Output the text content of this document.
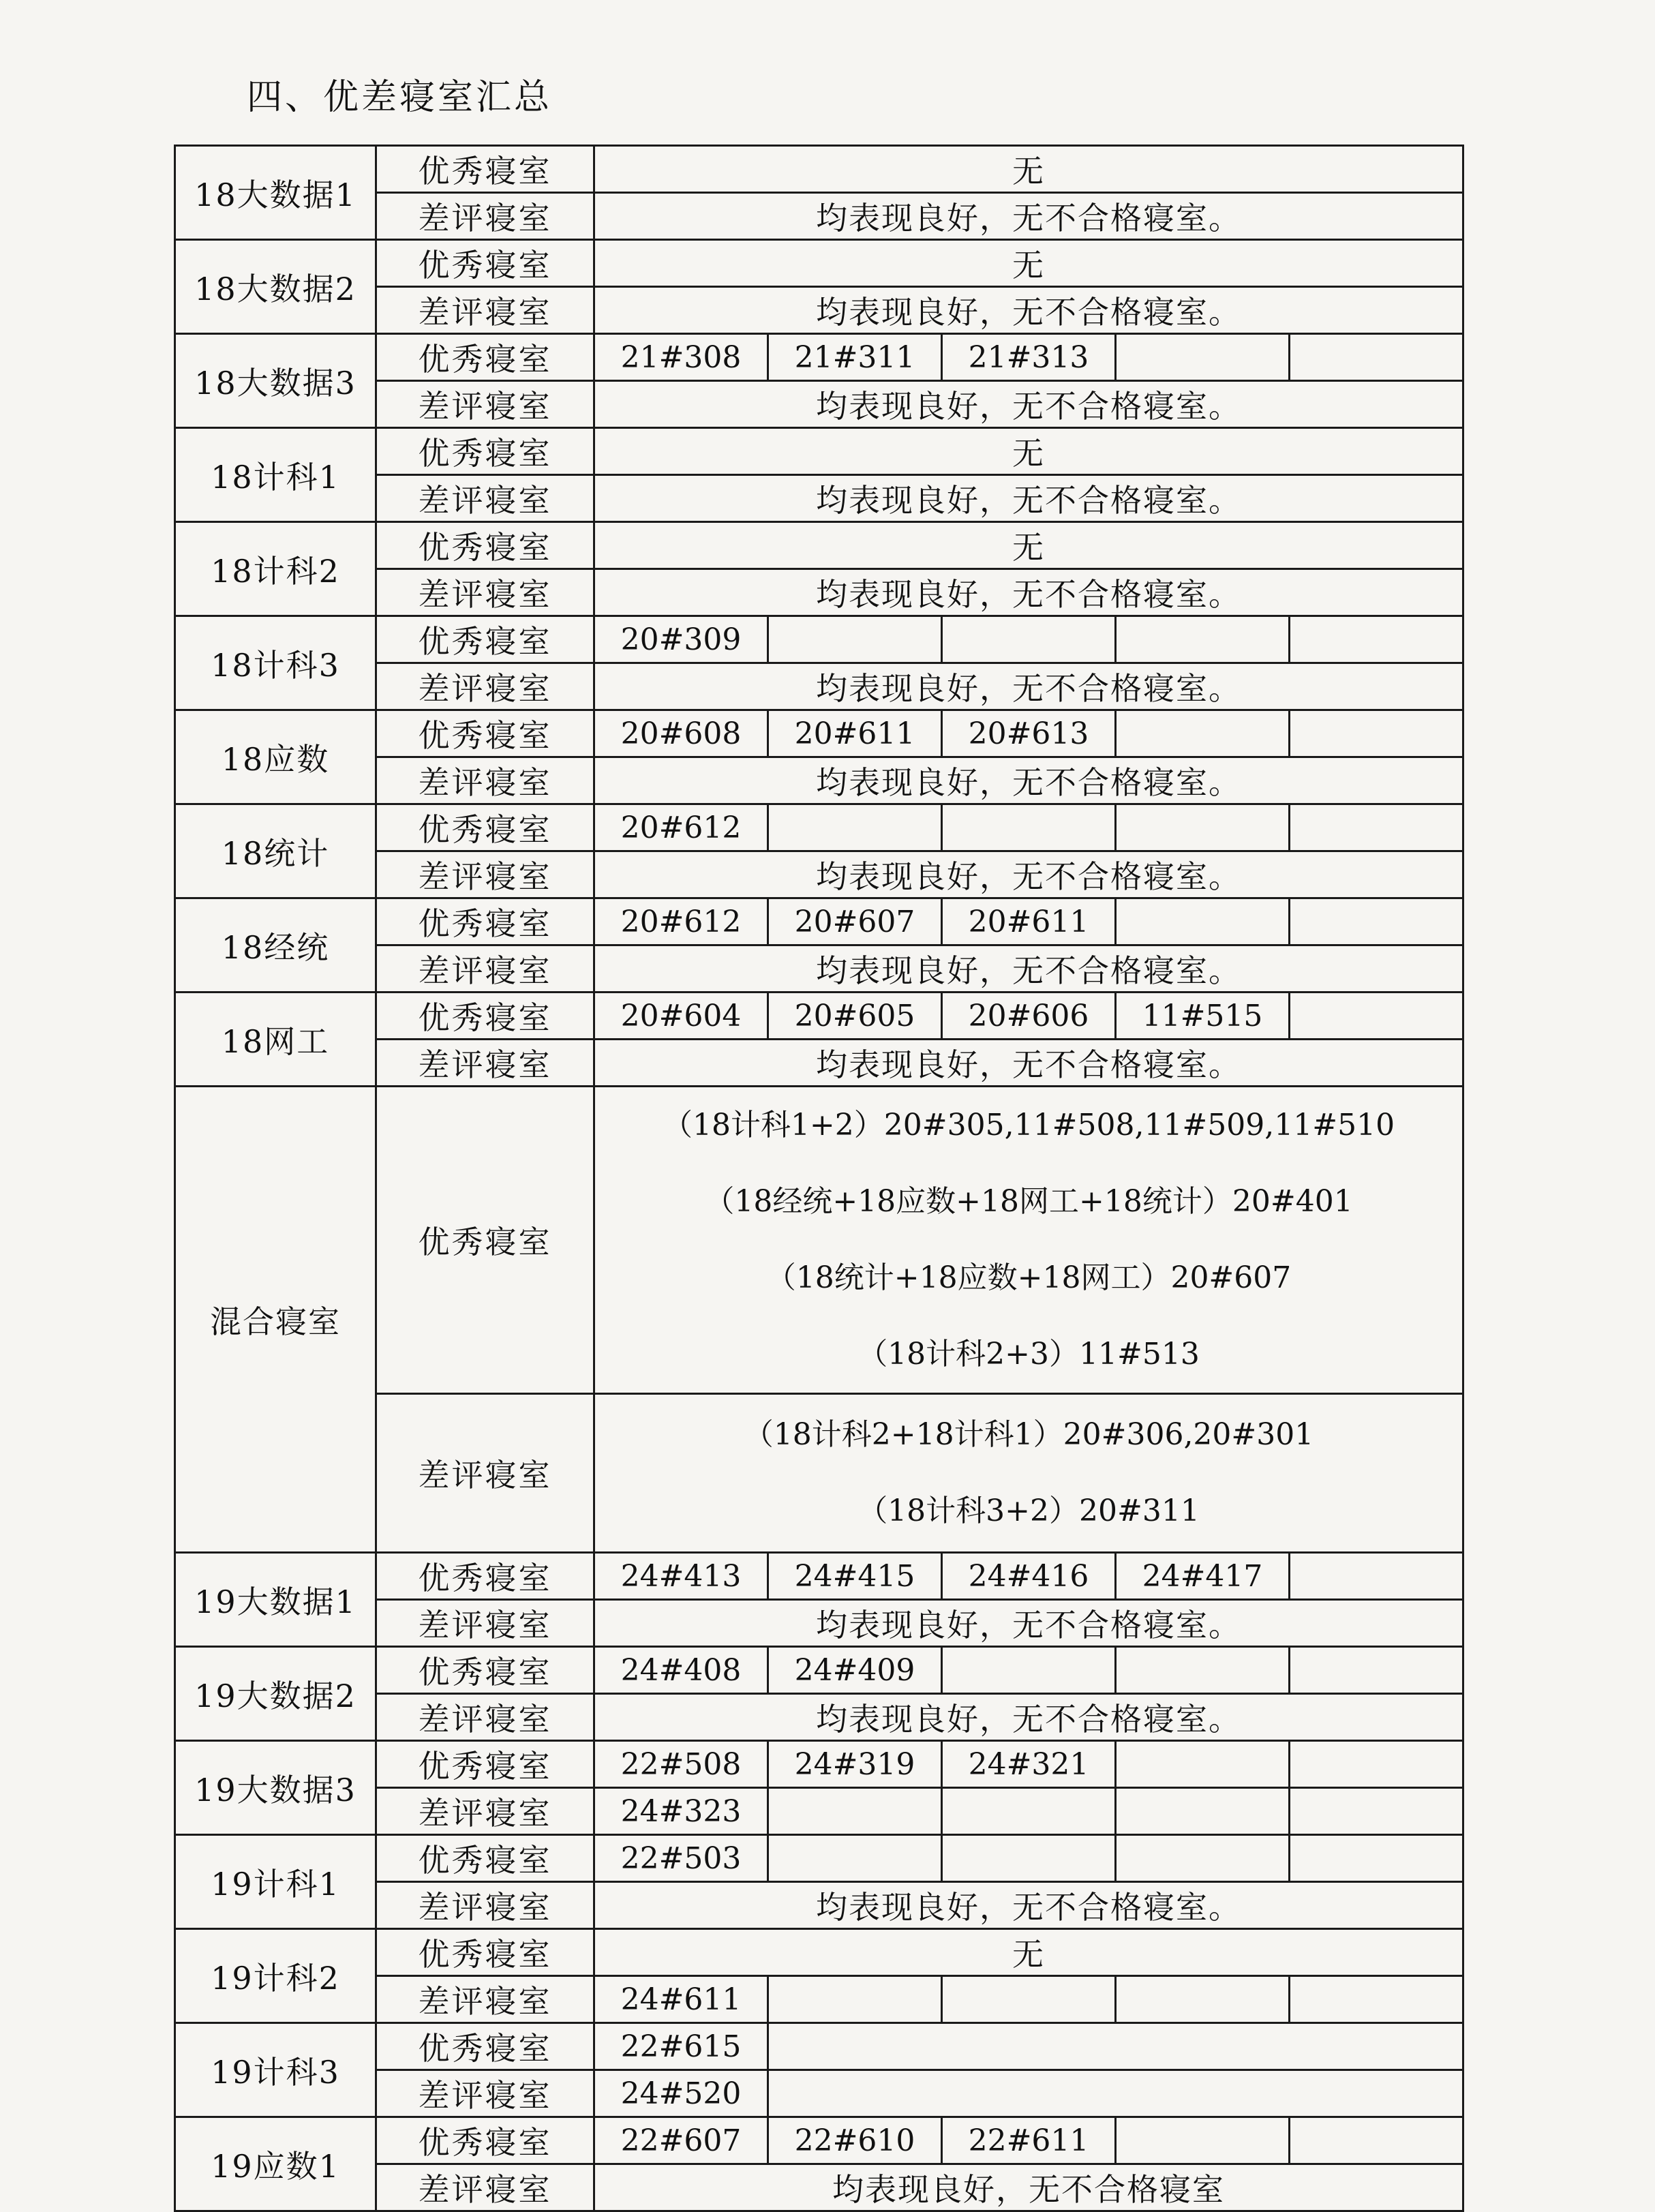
四、优差寝室汇总
18大数据1	优秀寝室	无				
	差评寝室	均表现良好，无不合格寝室。				
18大数据2	优秀寝室	无				
	差评寝室	均表现良好，无不合格寝室。				
18大数据3	优秀寝室	21#308	21#311	21#313		
	差评寝室	均表现良好，无不合格寝室。				
18计科1	优秀寝室	无				
	差评寝室	均表现良好，无不合格寝室。				
18计科2	优秀寝室	无				
	差评寝室	均表现良好，无不合格寝室。				
18计科3	优秀寝室	20#309				
	差评寝室	均表现良好，无不合格寝室。				
18应数	优秀寝室	20#608	20#611	20#613		
	差评寝室	均表现良好，无不合格寝室。				
18统计	优秀寝室	20#612				
	差评寝室	均表现良好，无不合格寝室。				
18经统	优秀寝室	20#612	20#607	20#611		
	差评寝室	均表现良好，无不合格寝室。				
18网工	优秀寝室	20#604	20#605	20#606	11#515	
	差评寝室	均表现良好，无不合格寝室。				
混合寝室	优秀寝室	（18计科1+2）20#305,11#508,11#509,11#510
（18经统+18应数+18网工+18统计）20#401
（18统计+18应数+18网工）20#607
（18计科2+3）11#513				

	差评寝室	（18计科2+18计科1）20#306,20#301
（18计科3+2）20#311				

19大数据1	优秀寝室	24#413	24#415	24#416	24#417	
	差评寝室	均表现良好，无不合格寝室。				
19大数据2	优秀寝室	24#408	24#409			
	差评寝室	均表现良好，无不合格寝室。				
19大数据3	优秀寝室	22#508	24#319	24#321		
	差评寝室	24#323				
19计科1	优秀寝室	22#503				
	差评寝室	均表现良好，无不合格寝室。				
19计科2	优秀寝室	无				
	差评寝室	24#611				
19计科3	优秀寝室	22#615				
	差评寝室	24#520				
19应数1	优秀寝室	22#607	22#610	22#611		
	差评寝室	均表现良好，无不合格寝室				
